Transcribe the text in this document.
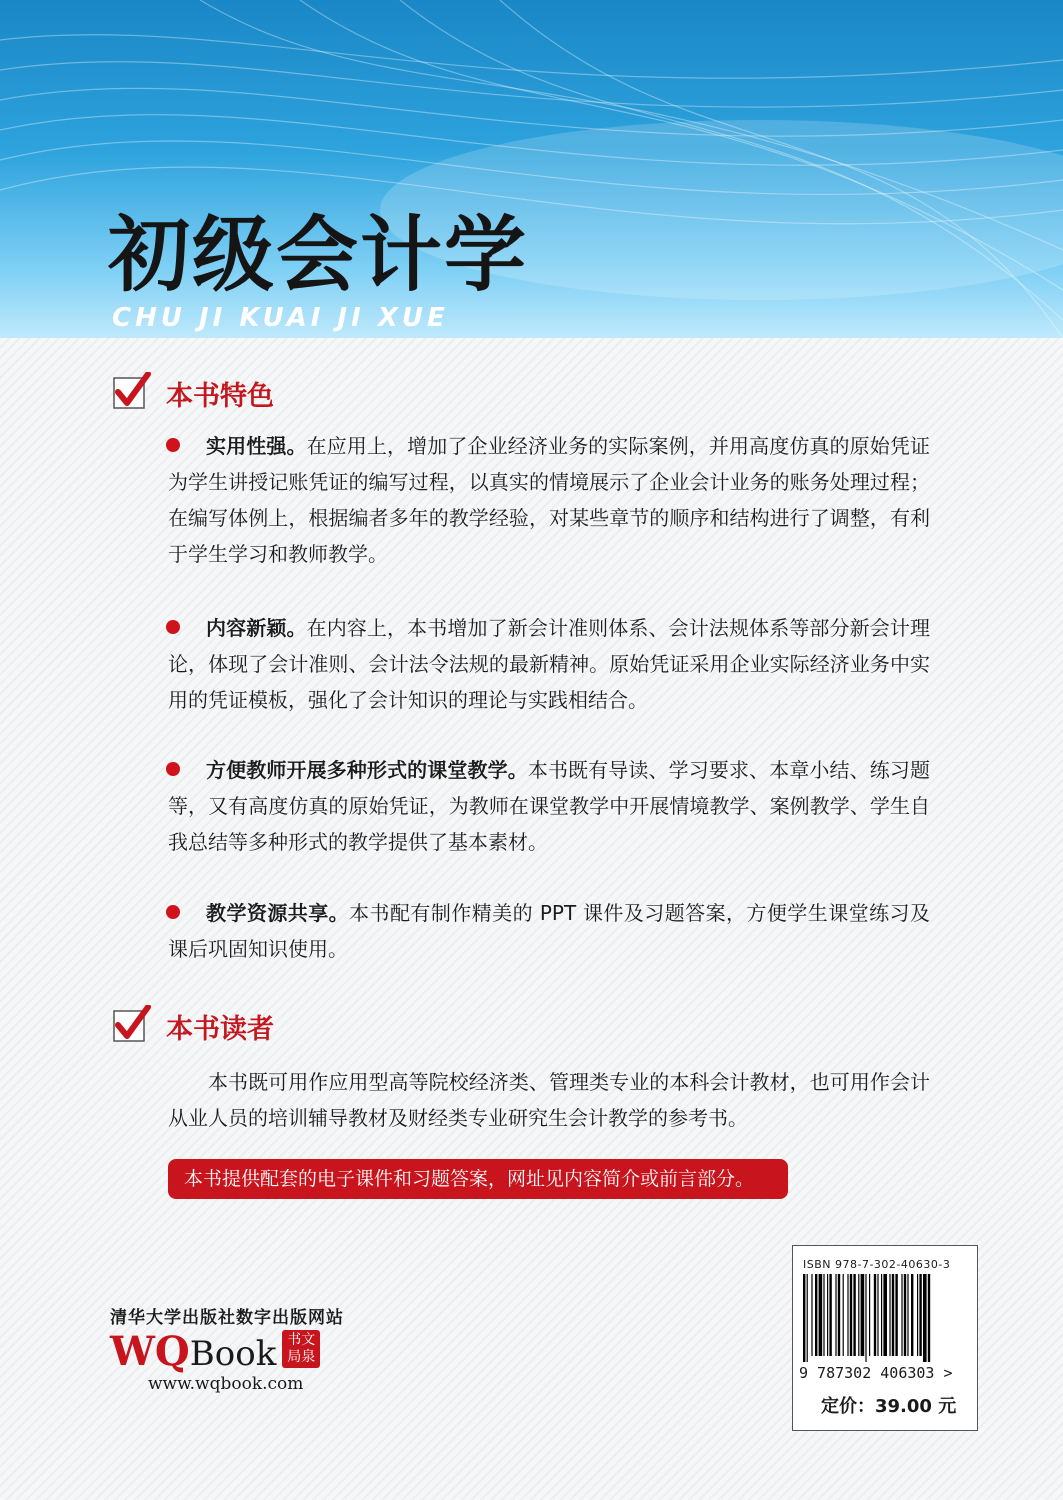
初级会计学
CHU JI KUAI JI XUE
本书特色

实用性强。在应用上，增加了企业经济业务的实际案例，并用高度仿真的原始凭证为学生讲授记账凭证的编写过程，以真实的情境展示了企业会计业务的账务处理过程；在编写体例上，根据编者多年的教学经验，对某些章节的顺序和结构进行了调整，有利于学生学习和教师教学。

内容新颖。在内容上，本书增加了新会计准则体系、会计法规体系等部分新会计理论，体现了会计准则、会计法令法规的最新精神。原始凭证采用企业实际经济业务中实用的凭证模板，强化了会计知识的理论与实践相结合。

方便教师开展多种形式的课堂教学。本书既有导读、学习要求、本章小结、练习题等，又有高度仿真的原始凭证，为教师在课堂教学中开展情境教学、案例教学、学生自我总结等多种形式的教学提供了基本素材。

教学资源共享。本书配有制作精美的 PPT 课件及习题答案，方便学生课堂练习及课后巩固知识使用。

本书读者

本书既可用作应用型高等院校经济类、管理类专业的本科会计教材，也可用作会计从业人员的培训辅导教材及财经类专业研究生会计教学的参考书。

本书提供配套的电子课件和习题答案，网址见内容简介或前言部分。
清华大学出版社数字出版网站
WQBook 书文
局泉
www.wqbook.com
ISBN 978-7-302-40630-3
9 787302 406303 >
定价：39.00 元
